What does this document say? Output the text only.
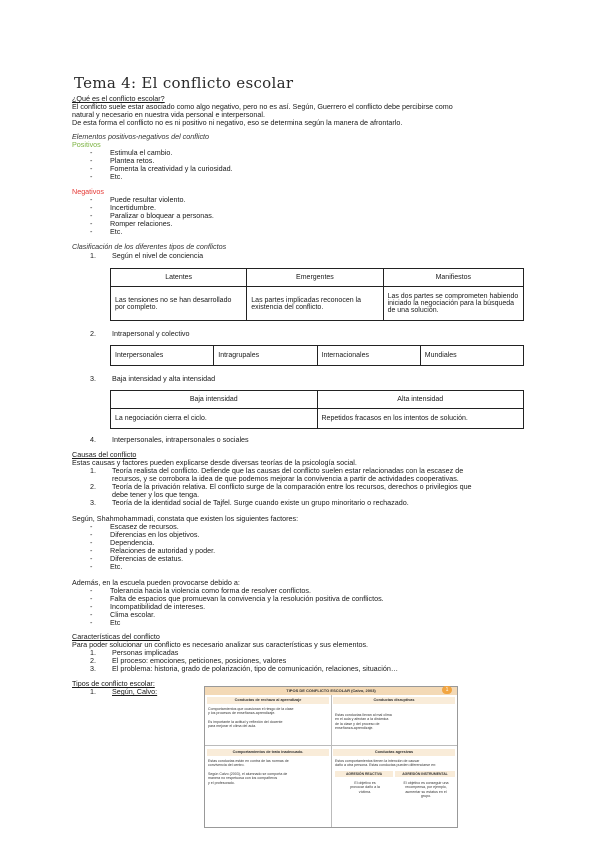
Tema 4: El conflicto escolar
¿Qué es el conflicto escolar?
El conflicto suele estar asociado como algo negativo, pero no es así. Según, Guerrero el conflicto debe percibirse como
natural y necesario en nuestra vida personal e interpersonal.
De esta forma el conflicto no es ni positivo ni negativo, eso se determina según la manera de afrontarlo.
Elementos positivos-negativos del conflicto
Positivos
- Estimula el cambio.
- Plantea retos.
- Fomenta la creatividad y la curiosidad.
- Etc.
Negativos
- Puede resultar violento.
- Incertidumbre.
- Paralizar o bloquear a personas.
- Romper relaciones.
- Etc.
Clasificación de los diferentes tipos de conflictos
1. Según el nivel de conciencia
Latentes	Emergentes	Manifiestos
Las tensiones no se han desarrollado por completo.	Las partes implicadas reconocen la existencia del conflicto.	Las dos partes se comprometen habiendo iniciado la negociación para la búsqueda de una solución.
2. Intrapersonal y colectivo
Interpersonales	Intragrupales	Internacionales	Mundiales
3. Baja intensidad y alta intensidad
Baja intensidad	Alta intensidad
La negociación cierra el ciclo.	Repetidos fracasos en los intentos de solución.
4. Interpersonales, intrapersonales o sociales
Causas del conflicto
Estas causas y factores pueden explicarse desde diversas teorías de la psicología social.
1. Teoría realista del conflicto. Defiende que las causas del conflicto suelen estar relacionadas con la escasez de
recursos, y se corrobora la idea de que podemos mejorar la convivencia a partir de actividades cooperativas.
2. Teoría de la privación relativa. El conflicto surge de la comparación entre los recursos, derechos o privilegios que
debe tener y los que tenga.
3. Teoría de la identidad social de Tajfel. Surge cuando existe un grupo minoritario o rechazado.
Según, Shahmohammadi, constata que existen los siguientes factores:
- Escasez de recursos.
- Diferencias en los objetivos.
- Dependencia.
- Relaciones de autoridad y poder.
- Diferencias de estatus.
- Etc.
Además, en la escuela pueden provocarse debido a:
- Tolerancia hacia la violencia como forma de resolver conflictos.
- Falta de espacios que promuevan la convivencia y la resolución positiva de conflictos.
- Incompatibilidad de intereses.
- Clima escolar.
- Etc
Características del conflicto
Para poder solucionar un conflicto es necesario analizar sus características y sus elementos.
1. Personas implicadas
2. El proceso: emociones, peticiones, posiciones, valores
3. El problema: historia, grado de polarización, tipo de comunicación, relaciones, situación…
Tipos de conflicto escolar:
1. Según, Calvo:	TIPOS DE CONFLICTO ESCOLAR (Calvo, 2003)	1
Conductas de rechazo al aprendizaje	Conductas disruptivas
Comportamientos que ocasionan el riesgo de la clase
y los procesos de enseñanza-aprendizaje.
Es importante la actitud y reflexión del docente
para mejorar el clima del aula.
Estas conductas llevan al mal clima
en el aula y afectan a la dinámica
de la clase y del proceso de
enseñanza-aprendizaje.
Comportamientos de trato inadecuado.	Conductas agresivas
Estas conductas están en contra de las normas de
convivencia del centro.
Según Calvo (2003), el alumnado se comporta de
manera no respetuosa con los compañeros
y el profesorado.
Estos comportamientos tienen la intención de causar
daño a otra persona. Estas conductas pueden diferenciarse en:
AGRESIÓN REACTIVA	AGRESIÓN INSTRUMENTAL
El objetivo es
provocar daño a la
víctima.
El objetivo es conseguir una
recompensa, por ejemplo,
aumentar su estatus en el
grupo.
